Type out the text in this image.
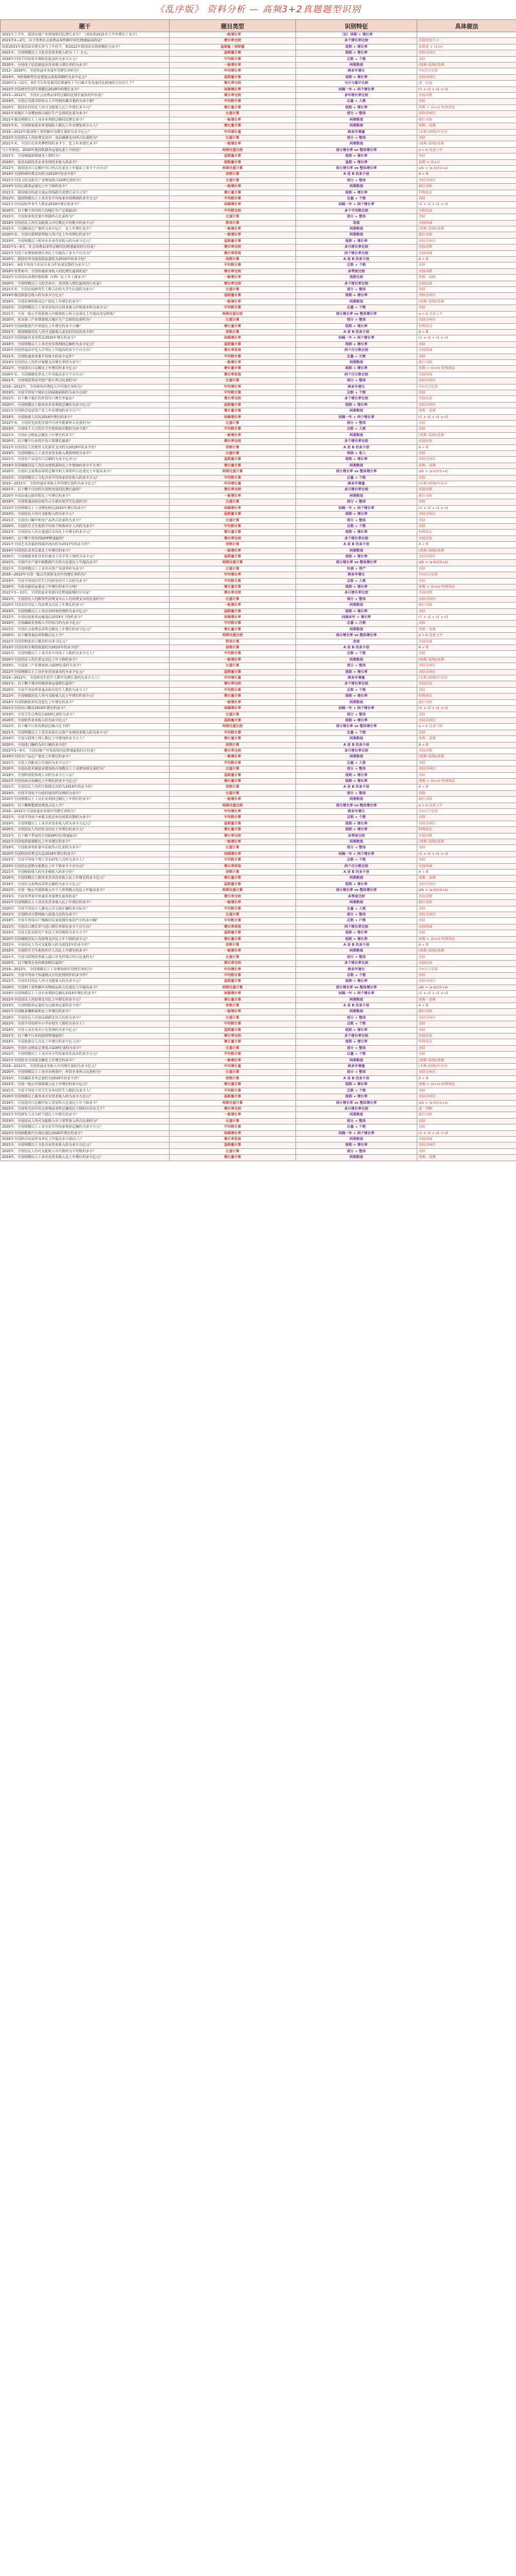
《乱序版》 资料分析 — 高频3+2真题题型识别
题干	题目类型	识别特征	具体做法
2021年上半年，我国房地产业增加值同比增长多少？（读如果2021年上半年增长了多少）	一般增长率	（加）两期 + 增长率	
2021年1—2月，以下各类社会消费品零售额中同比增速最高的是？	增长率比较	多个增长率比较	直接比较大小
如果2021年我国该市增长率与上年持平，则2022年我国该市场规模约为多少？	基期量 / 现期量	现期 + 增长率	基期量 × (1+r)
2021年，全国规模以上文化企业营业收入约为（ ）万元。	基期量计算	现期 + 增长率	直除首两位
2018年中国平均每项专利转化收益约为多少万元？	平均数计算	总数 ÷ 个数	直除
2020年，全国电子信息制造业营业收入增长率约为多少？	一般增长率	两期数值	(现期-基期)/基期
2012—2020年，全国快递业务量年均增长率约为？	年均增长率	跨多年增长	开n次方估算
2019年，H省保障性住房建设完成投资额约为多少亿元？	基期量计算	现期 + 增长率	直除首两位
2020年1—12月，A省当月发电量同比增速快于当月累计发电量同比增速的月份有几个？	增长率比较	当月与累计比较	逐一比较
2022年全国研究生招生规模比2018年约增长多少？	间隔增长率	间隔一年 + 两个增长率	r1 + r2 + r1 × r2
2013—2022年，全国社会消费品零售总额同比增长最快的年份是？	增长率比较	多年增长率比较	直接读数
2019年，全国公共图书馆每万人平均拥有藏书量约为多少册？	平均数计算	总量 ÷ 人数	直除
2020年，我国农村居民人均可支配收入比上年增长多少元？	增长量计算	现期 + 增长率	现期 ÷ (1+n) 特殊值法
2021年某地区工业增加值占地区生产总值的比重为多少？	比重计算	部分 ÷ 整体	直除首两位
2021年我国规模以上工业企业利润总额同比增长多少？	一般增长率	两期数值	截位直除
2021年末，全国参加基本养老保险人数比上年末增加多少万人？	增长量计算	两期数值	现期 - 基期
2019—2022年我国网上零售额年均增长量约为多少亿元？	年均增长量	跨多年增量	(末期-初期)/年份差
2022年全国居民人均消费支出中，食品烟酒支出所占比重约为？	比重计算	部分 ÷ 整体	直除
2021年末，全国共有各类博物馆约多少个，比上年末增长多少？	一般增长率	两期数值	(现期-基期)/基期
与上年相比，2020年我国铁路货运量比重上升的是？	两期比重比较	部分增长率 vs 整体增长率	a > b 比重上升
2021年，全国城镇新增就业人数约为？	基期量计算	现期 + 增长率	直除
2018年，某省高新技术企业实现营业收入的多少？	现期量计算	基期 + 增长率	基期 × (1+r)
2022年，我国进出口总额中出口所占比重比上年提高了多少个百分点？	两期比重计算	部分增长率 vs 整体增长率	a/b × (a-b)/(1+a)
2019年全国科研经费支出约为2010年的多少倍？	倍数计算	A 是 B 的多少倍	A ÷ B
2021年全国文化及相关产业增加值占GDP比重约为？	比重计算	部分 ÷ 整体	直除首两位
2019年全国公路客运量比上年下降约多少？	一般增长率	两期数值	截位直除
2021年，我国城市轨道交通运营线路长度增长多少公里？	增长量计算	现期 + 增长率	特殊值法
2022年，我国规模以上工业企业平均每家实现利润约多少万元？	平均数计算	总量 ÷ 个数	直除
2021年全国高校毕业生人数比2019年增长约多少？	间隔增长率	间隔一年 + 两个增长率	r1 + r2 + r1 × r2
2020年，以下哪个省份的人均地区生产总值最高？	平均数比较	多个平均数比较	分数比较
2022年，全国旅客发送量中铁路所占比重约为？	比重计算	部分 ÷ 整体	直除
2018年全国居民人均可支配收入中位数比平均数少约多少元？	简单计算	差值	直接相减
2021年，全国粮食总产量约为多少亿斤，比上年增长多少？	一般增长率	两期数值	(现期-基期)/基期
2020年末，全国互联网宽带接入用户比上年末增长约多少？	一般增长率	两期数值	截位直除
2019年，全国规模以上服务业企业营业收入约为多少亿元？	基期量计算	现期 + 增长率	直除首两位
2022年1—6月，社会消费品零售总额同比增速最快的月份是？	增长率比较	多月增长率比较	直接读数
2021年全国工业增加值增长率比上年提高了多少个百分点？	增长率差值	两个增长率比较	直接相减
2020年，我国对外直接投资流量约为2015年的多少倍？	倍数计算	A 是 B 的多少倍	A ÷ B
2019年，A省平均每个农民专业合作社成员数约为多少人？	平均数计算	总数 ÷ 个数	直除
2018年各季度中，全国快递业务收入同比增长最快的是？	增长率比较	多季度比较	直接读数
2022年全国居民消费价格指数（CPI）比上年上涨多少？	一般增长率	指数比较	指数 - 100
2020年，全国规模以上文化企业中，营业收入增长最快的行业是？	增长率比较	多个增长率比较	直接比较
2021年末，全国在校研究生人数占在校大学生比重约为多少？	比重计算	部分 ÷ 整体	直除
2019年我国旅游总收入约为多少万亿元？	基期量计算	现期 + 增长率	直除首两位
2018年，全国农林牧渔业总产值比上年增长约多少？	一般增长率	两期数值	(现期-基期)/基期
2022年，全国规模以上工业企业每百元营业收入中的成本约为多少元？	平均数计算	总量 ÷ 个数	直除
2021年，全国一般公共预算收入中税收收入所占比重比上年提高还是降低？	两期比重比较	部分增长率 vs 整体增长率	a > b 比重上升
2020年，某市第三产业增加值占地区生产总值的比重约为？	比重计算	部分 ÷ 整体	直除首两位
2019年全国新能源汽车销量比上年增长约多少万辆？	增长量计算	现期 + 增长率	特殊值法
2021年，我国城镇居民人均可支配收入是农村居民的多少倍？	倍数计算	A 是 B 的多少倍	A ÷ B
2022年全国铁路营业里程比2020年增长约多少？	间隔增长率	间隔一年 + 两个增长率	r1 + r2 + r1 × r2
2018年，全国规模以上工业企业实现利润总额约为多少亿元？	基期量计算	现期 + 增长率	直除
2020年全国普通高中毛入学率比上年提高约多少个百分点？	增长率差值	两个百分数比较	直接相减
2021年，全国快递业务量平均每天约多少亿件？	平均数计算	总量 ÷ 天数	直除
2019年全国居民人均医疗保健支出增长率约为多少？	一般增长率	两期数值	截位直除
2022年，全国进出口总额比上年增长约多少亿元？	增长量计算	现期 + 增长率	现期 ÷ (1+n) 特殊值法
2020年末，全国城镇化率比上年末提高多少个百分点？	增长率差值	两个百分数比较	直接相减
2021年，全国电影票房中国产影片所占比重约为？	比重计算	部分 ÷ 整体	直除首两位
2018—2022年，全国研发经费投入年均增长率约为？	年均增长率	跨多年增长	开n次方估算
2019年，全国平均每个城市公园绿地面积约为多少公顷？	平均数计算	总数 ÷ 个数	直除
2022年，以下哪个地区的外贸出口增长率最高？	增长率比较	多个增长率比较	直接比较
2020年，全国规模以上服务业企业利润总额约为多少亿元？	基期量计算	现期 + 增长率	直除首两位
2021年全国移动电话用户比上年末增加约多少万户？	增长量计算	两期数值	现期 - 基期
2018年，全国旅游人次比2016年增长约多少？	间隔增长率	间隔一年 + 两个增长率	r1 + r2 + r1 × r2
2022年末，全国发电装机容量中可再生能源所占比重约为？	比重计算	部分 ÷ 整体	直除
2019年，全国每千人口医疗卫生机构床位数约为多少张？	平均数计算	总数 ÷ 人数	直除
2021年，全国社会物流总额比上年增长约多少？	一般增长率	两期数值	(现期-基期)/基期
2020年，以下哪个行业的平均工资增长最快？	增长率比较	多个增长率比较	直接比较
2022年全国居民人均教育文化娱乐支出约为2018年的多少倍？	倍数计算	A 是 B 的多少倍	A ÷ B
2019年，全国规模以上工业企业营业收入利润率约为多少？	比重计算	利润 ÷ 收入	直除
2021年，全国农产品进出口总额约为多少亿美元？	基期量计算	现期 + 增长率	直除首两位
2018年全国城镇居民人均住房建筑面积比上年增加约多少平方米？	增长量计算	两期数值	现期 - 基期
2020年，全国社会消费品零售总额中网上零售所占比重比上年提高多少？	两期比重计算	部分增长率 vs 整体增长率	a/b × (a-b)/(1+a)
2022年，全国规模以上文化企业平均每家营业收入约多少万元？	平均数计算	总量 ÷ 个数	直除
2019—2021年，全国快递业务收入年均增长量约为多少亿元？	年均增长量	跨多年增量	(末期-初期)/年份差
2021年，以下哪个月份的全国发电量同比增长最快？	增长率比较	多月增长率比较	直接读数
2020年全国高速公路里程比上年增长约多少？	一般增长率	两期数值	截位直除
2018年，全国普通高校在校生占全部在校学生比重约为？	比重计算	部分 ÷ 整体	直除
2022年全国规模以上工业增加值比2020年增长约多少？	间隔增长率	间隔一年 + 两个增长率	r1 + r2 + r1 × r2
2019年，全国居民人均可支配收入约为多少元？	基期量计算	现期 + 增长率	直除首两位
2021年，全国出口额中机电产品所占比重约为多少？	比重计算	部分 ÷ 整体	直除
2020年，全国医疗卫生机构平均每个机构诊疗人次约为多少？	平均数计算	总数 ÷ 个数	直除
2022年，全国居民人均交通通信支出比上年增长约多少元？	增长量计算	现期 + 增长率	特殊值法
2018年，以下哪个省份的GDP增速最快？	增长率比较	多个增长率比较	直接比较
2021年全国艺术表演团体演出场次约为2017年的多少倍？	倍数计算	A 是 B 的多少倍	A ÷ B
2019年全国电信业务总量比上年增长约多少？	一般增长率	两期数值	(现期-基期)/基期
2020年，全国城镇非私营单位就业人员平均工资约为多少元？	基期量计算	现期 + 增长率	直除首两位
2022年，全国汽车产量中新能源汽车所占比重比上年提高多少？	两期比重计算	部分增长率 vs 整体增长率	a/b × (a-b)/(1+a)
2021年，全国规模以上工业企业资产负债率约为多少？	比重计算	负债 ÷ 资产	直除
2018—2022年全国一般公共预算支出年均增长率约为？	年均增长率	跨多年增长	开n次方估算
2019年，全国平均每位医生日均担负诊疗人次约为多少？	平均数计算	总数 ÷ 人数	直除
2020年，全国水路货运量比上年增长约多少万吨？	增长量计算	现期 + 增长率	现期 ÷ (1+n) 特殊值法
2022年1—12月，全国快递业务量同比增速最慢的月份是？	增长率比较	多月增长率比较	直接读数
2021年，全国居民人均服务性消费支出占人均消费支出的比重约为？	比重计算	部分 ÷ 整体	直除首两位
2020年全国农村居民人均消费支出比上年增长约多少？	一般增长率	两期数值	截位直除
2019年，全国规模以上工业企业研发经费约为多少亿元？	基期量计算	现期 + 增长率	直除
2022年，全国民航旅客运输量比2019年下降约多少？	间隔增长率	间隔多年 + 增长率	r1 + r2 + r1 × r2
2018年，全国邮政业务收入平均每月约为多少亿元？	平均数计算	总量 ÷ 月数	直除
2021年，全国社会消费品零售总额比上年增长约多少亿元？	增长量计算	两期数值	现期 - 基期
2020年，以下哪类商品零售额占比上升？	两期比重比较	部分增长率 vs 整体增长率	a > b 比重上升
2022年全国货物进出口顺差约为多少亿元？	简单计算	差值	直接相减
2019年全国发明专利授权量约为2015年的多少倍？	倍数计算	A 是 B 的多少倍	A ÷ B
2021年，全国规模以上工业企业平均用工人数约为多少万人？	平均数计算	总数 ÷ 个数	直除
2020年全国居民人均衣着支出比上年下降约多少？	一般增长率	两期数值	(现期-基期)/基期
2018年，全国第三产业增加值占GDP比重约为多少？	比重计算	部分 ÷ 整体	直除首两位
2022年全国规模以上工业企业营业成本约为多少亿元？	基期量计算	现期 + 增长率	直除首两位
2019—2022年，全国研究生招生人数年均增长量约为多少万人？	年均增长量	跨多年增量	(末期-初期)/年份差
2021年，以下哪个城市的地铁客运量增长最快？	增长率比较	多个增长率比较	直接比较
2020年，全国平均每所普通高校在校生人数约为多少人？	平均数计算	总数 ÷ 个数	直除
2022年，全国城镇居民人均可支配收入比上年增长约多少元？	增长量计算	现期 + 增长率	特殊值法
2018年全国铁路旅客发送量比上年增长约多少？	一般增长率	两期数值	截位直除
2021年全国出口额比2019年增长约多少？	间隔增长率	间隔一年 + 两个增长率	r1 + r2 + r1 × r2
2019年，全国卫生总费用占GDP比重约为多少？	比重计算	部分 ÷ 整体	直除
2020年，全国软件业务收入约为多少亿元？	基期量计算	现期 + 增长率	直除首两位
2022年，以下哪个行业的利润总额占比下降？	两期比重比较	部分增长率 vs 整体增长率	a < b 比重下降
2021年，全国规模以上工业企业每百元资产实现营业收入约为多少元？	平均数计算	总量 ÷ 个数	直除
2018年，全国互联网上网人数比上年增加约多少万人？	增长量计算	两期数值	现期 - 基期
2020年，全国进口额约为出口额的多少倍？	倍数计算	A 是 B 的多少倍	A ÷ B
2022年1—6月，全国房地产开发投资同比增速最低的月份是？	增长率比较	多月增长率比较	直接读数
2019年全国水产品总产量比上年增长约多少？	一般增长率	两期数值	(现期-基期)/基期
2021年，全国人均粮食占有量约为多少公斤？	平均数计算	总量 ÷ 人数	直除
2020年，全国高技术制造业增加值占规模以上工业增加值比重约为？	比重计算	部分 ÷ 整体	直除首两位
2018年，全国科技馆参观人次约为多少万人次？	基期量计算	现期 + 增长率	直除
2022年全国电商交易额比上年增长约多少万亿元？	增长量计算	现期 + 增长率	现期 ÷ (1+n) 特殊值法
2021年，全国居民人均医疗保健支出约为2018年的多少倍？	倍数计算	A 是 B 的多少倍	A ÷ B
2019年，全国平均每个行政村通光纤比例约为多少？	比重计算	部分 ÷ 整体	直除
2020年全国规模以上工业企业利润总额比上年增长约多少？	一般增长率	两期数值	截位直除
2022年，以下哪种能源消费量占比上升？	两期比重比较	部分增长率 vs 整体增长率	a > b 比重上升
2018—2021年全国快递业务量年均增长率约为？	年均增长率	跨多年增长	开n次方估算
2021年，全国平均每个乡镇文化站举办展览次数约为多少？	平均数计算	总数 ÷ 个数	直除
2019年，全国规模以上工业企业营业收入约为多少万亿元？	基期量计算	现期 + 增长率	直除首两位
2020年，全国居民人均居住支出比上年增长约多少元？	增长量计算	现期 + 增长率	特殊值法
2022年，以下哪个季度的全国GDP同比增速最高？	增长率比较	多季度比较	直接读数
2021年全国电影银幕数比上年末增长约多少？	一般增长率	两期数值	(现期-基期)/基期
2018年，全国旅客周转量中民航所占比重约为多少？	比重计算	部分 ÷ 整体	直除
2020年全国科技经费支出比2018年增长约多少？	间隔增长率	间隔一年 + 两个增长率	r1 + r2 + r1 × r2
2022年，全国平均每个规上企业研发人员约为多少人？	平均数计算	总数 ÷ 个数	直除
2019年全国居民恩格尔系数比上年下降多少个百分点？	增长率差值	两个百分数比较	直接相减
2021年，全国税收收入约为非税收入的多少倍？	倍数计算	A 是 B 的多少倍	A ÷ B
2020年，全国规模以上服务业企业营业收入比上年增长约多少亿元？	增长量计算	两期数值	现期 - 基期
2018年，全国社会消费品零售总额约为多少万亿元？	基期量计算	现期 + 增长率	直除首两位
2022年，全国一般公共预算收入中个人所得税占比比上年提高多少？	两期比重计算	部分增长率 vs 整体增长率	a/b × (a-b)/(1+a)
2019年，全国各季度中快递业务量增长最快的是？	增长率比较	多季度比较	直接读数
2021年全国规模以上工业企业营业收入比上年增长约多少？	一般增长率	两期数值	截位直除
2020年，全国平均每万人拥有公共交通车辆约多少标台？	平均数计算	总量 ÷ 人数	直除
2022年，全国移动互联网接入流量占比约为多少？	比重计算	部分 ÷ 整体	直除首两位
2018年，全国平均每百户城镇居民家庭拥有家用汽车约多少辆？	平均数计算	总数 ÷ 户数	直除
2021年，全国出口增长率与进口增长率相差多少个百分点？	增长率差值	两个增长率比较	直接相减
2019年，全国文化及相关产业法人单位数约为多少万个？	基期量计算	现期 + 增长率	直除
2020年全国城镇居民人均消费支出比上年下降约多少元？	增长量计算	现期 + 增长率	现期 ÷ (1+n) 特殊值法
2022年，全国居民人均可支配收入约为2012年的多少倍？	倍数计算	A 是 B 的多少倍	A ÷ B
2018年，全国医疗卫生机构诊疗人次比上年增长约多少？	一般增长率	两期数值	(现期-基期)/基期
2021年，全国互联网宽带接入端口中光纤端口所占比重约为？	比重计算	部分 ÷ 整体	直除
2020年，以下哪类企业的利润增长最快？	增长率比较	多个增长率比较	直接比较
2019—2022年，全国规模以上工业增加值年均增长率约为？	年均增长率	跨多年增长	开n次方估算
2022年，全国平均每个快递网点日均处理快件约多少件？	平均数计算	总数 ÷ 个数	直除
2021年，全国农村居民人均可支配收入约为多少元？	基期量计算	现期 + 增长率	直除首两位
2020年，全国网上零售额中实物商品所占比重比上年提高多少？	两期比重计算	部分增长率 vs 整体增长率	a/b × (a-b)/(1+a)
2018年全国规模以上工业企业利润总额比2016年增长约多少？	间隔增长率	间隔一年 + 两个增长率	r1 + r2 + r1 × r2
2022年全国居民人均消费支出比上年增长约多少元？	增长量计算	两期数值	现期 - 基期
2019年，全国铁路客运量约为公路客运量的多少倍？	倍数计算	A 是 B 的多少倍	A ÷ B
2021年全国粮食播种面积比上年增长约多少？	一般增长率	两期数值	截位直除
2020年，全国居民人均食品烟酒支出占比约为多少？	比重计算	部分 ÷ 整体	直除首两位
2022年，全国平均每所中小学在校生人数约为多少人？	平均数计算	总数 ÷ 个数	直除
2018年，全国工业企业出口交货值约为多少亿元？	基期量计算	现期 + 增长率	直除
2021年，以下哪个行业的投资增速最快？	增长率比较	多个增长率比较	直接比较
2019年，全国旅游总人次比上年增长约多少亿人次？	增长量计算	现期 + 增长率	特殊值法
2020年，全国社会物流总费用占GDP比重约为多少？	比重计算	部分 ÷ 整体	直除
2022年，全国规模以上工业企业平均每家营业成本约多少万元？	平均数计算	总量 ÷ 个数	直除
2021年全国技术合同成交额比上年增长约多少？	一般增长率	两期数值	(现期-基期)/基期
2018—2022年，全国快递业务收入年均增长量约为多少亿元？	年均增长量	跨多年增量	(末期-初期)/年份差
2020年，全国规模以上工业企业利润中，外资企业所占比重约为？	比重计算	部分 ÷ 整体	直除首两位
2019年，全国邮政业务总量约为2016年的多少倍？	倍数计算	A 是 B 的多少倍	A ÷ B
2022年，全国一般公共预算收入比上年增长约多少亿元？	增长量计算	现期 + 增长率	现期 ÷ (1+n) 特殊值法
2021年，全国平均每个村卫生室乡村医生人数约为多少人？	平均数计算	总数 ÷ 个数	直除
2020年全国规模以上服务业企业营业收入约为多少万亿元？	基期量计算	现期 + 增长率	直除首两位
2018年，全国进出口总额中加工贸易所占比重比上年下降多少？	两期比重计算	部分增长率 vs 整体增长率	a/b × (a-b)/(1+a)
2022年，全国各月份中社会消费品零售总额同比下降的月份有几个？	增长率比较	多月增长率比较	逐一判断
2021年全国研发人员全时当量比上年增长约多少？	一般增长率	两期数值	截位直除
2019年，全国居民人均可支配收入中工资性收入所占比重约为？	比重计算	部分 ÷ 整体	直除
2020年，全国规模以上工业企业平均每家利润总额约为多少万元？	平均数计算	总量 ÷ 个数	直除
2022年全国新能源汽车保有量比2020年增长约多少？	间隔增长率	间隔一年 + 两个增长率	r1 + r2 + r1 × r2
2018年全国移动电话普及率比上年提高多少部/百人？	增长率差值	两期数值	直接相减
2021年，全国规模以上文化企业营业收入约为多少万亿元？	基期量计算	现期 + 增长率	直除首两位
2020年，全国居民人均可支配收入中位数约为平均数的多少？	比重计算	部分 ÷ 整体	直除
2019年，全国规模以上工业企业营业收入比上年增长约多少亿元？	增长量计算	两期数值	现期 - 基期
